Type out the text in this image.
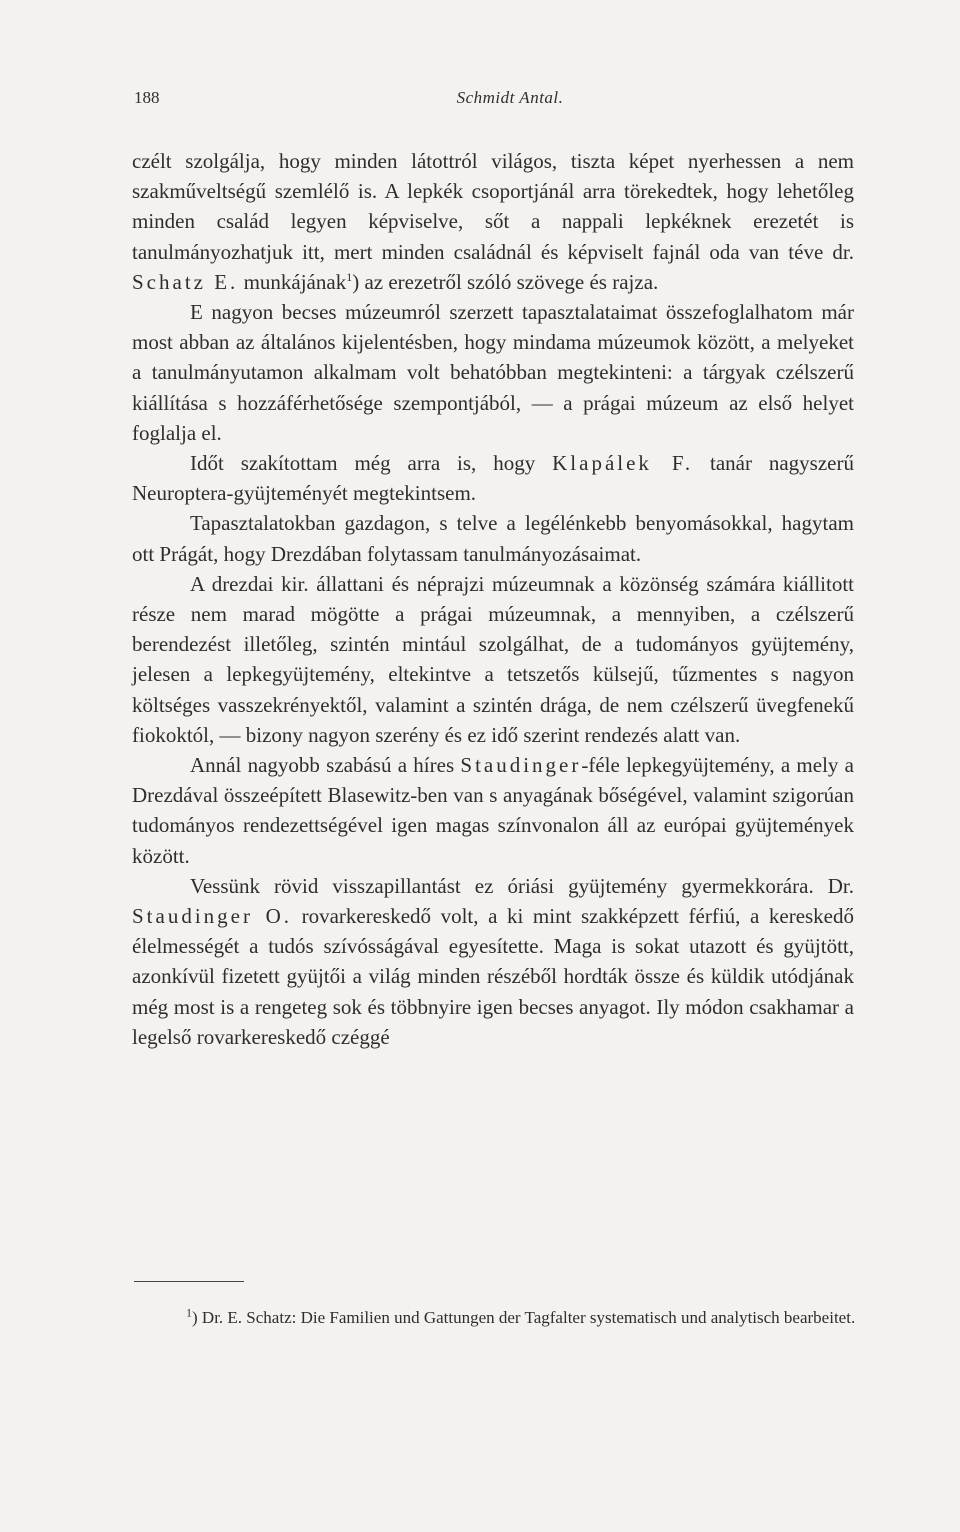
188	Schmidt Antal.

czélt szolgálja, hogy minden látottról világos, tiszta képet nyerhessen a nem szakműveltségű szemlélő is. A lepkék csoportjánál arra törekedtek, hogy lehetőleg minden család legyen képviselve, sőt a nappali lepkéknek erezetét is tanulmányozhatjuk itt, mert minden családnál és képviselt fajnál oda van téve dr. Schatz E. munkájának$^1$) az erezetről szóló szövege és rajza.

E nagyon becses múzeumról szerzett tapasztalataimat összefoglalhatom már most abban az általános kijelentésben, hogy mindama múzeumok között, a melyeket a tanulmányutamon alkalmam volt behatóbban megtekinteni: a tárgyak czélszerű kiállítása s hozzáférhetősége szempontjából, — a prágai múzeum az első helyet foglalja el.

Időt szakítottam még arra is, hogy Klapálek F. tanár nagyszerű Neuroptera-gyüjteményét megtekintsem.

Tapasztalatokban gazdagon, s telve a legélénkebb benyomásokkal, hagytam ott Prágát, hogy Drezdában folytassam tanulmányozásaimat.

A drezdai kir. állattani és néprajzi múzeumnak a közönség számára kiállitott része nem marad mögötte a prágai múzeumnak, a mennyiben, a czélszerű berendezést illetőleg, szintén mintául szolgálhat, de a tudományos gyüjtemény, jelesen a lepkegyüjtemény, eltekintve a tetszetős külsejű, tűzmentes s nagyon költséges vasszekrényektől, valamint a szintén drága, de nem czélszerű üvegfenekű fiokoktól, — bizony nagyon szerény és ez idő szerint rendezés alatt van.

Annál nagyobb szabású a híres Staudinger-féle lepkegyüjtemény, a mely a Drezdával összeépített Blasewitz-ben van s anyagának bőségével, valamint szigorúan tudományos rendezettségével igen magas színvonalon áll az európai gyüjtemények között.

Vessünk rövid visszapillantást ez óriási gyüjtemény gyermekkorára. Dr. Staudinger O. rovarkereskedő volt, a ki mint szakképzett férfiú, a kereskedő élelmességét a tudós szívósságával egyesítette. Maga is sokat utazott és gyüjtött, azonkívül fizetett gyüjtői a világ minden részéből hordták össze és küldik utódjának még most is a rengeteg sok és többnyire igen becses anyagot. Ily módon csakhamar a legelső rovarkereskedő czéggé

$^1$) Dr. E. Schatz: Die Familien und Gattungen der Tagfalter systematisch und analytisch bearbeitet.
